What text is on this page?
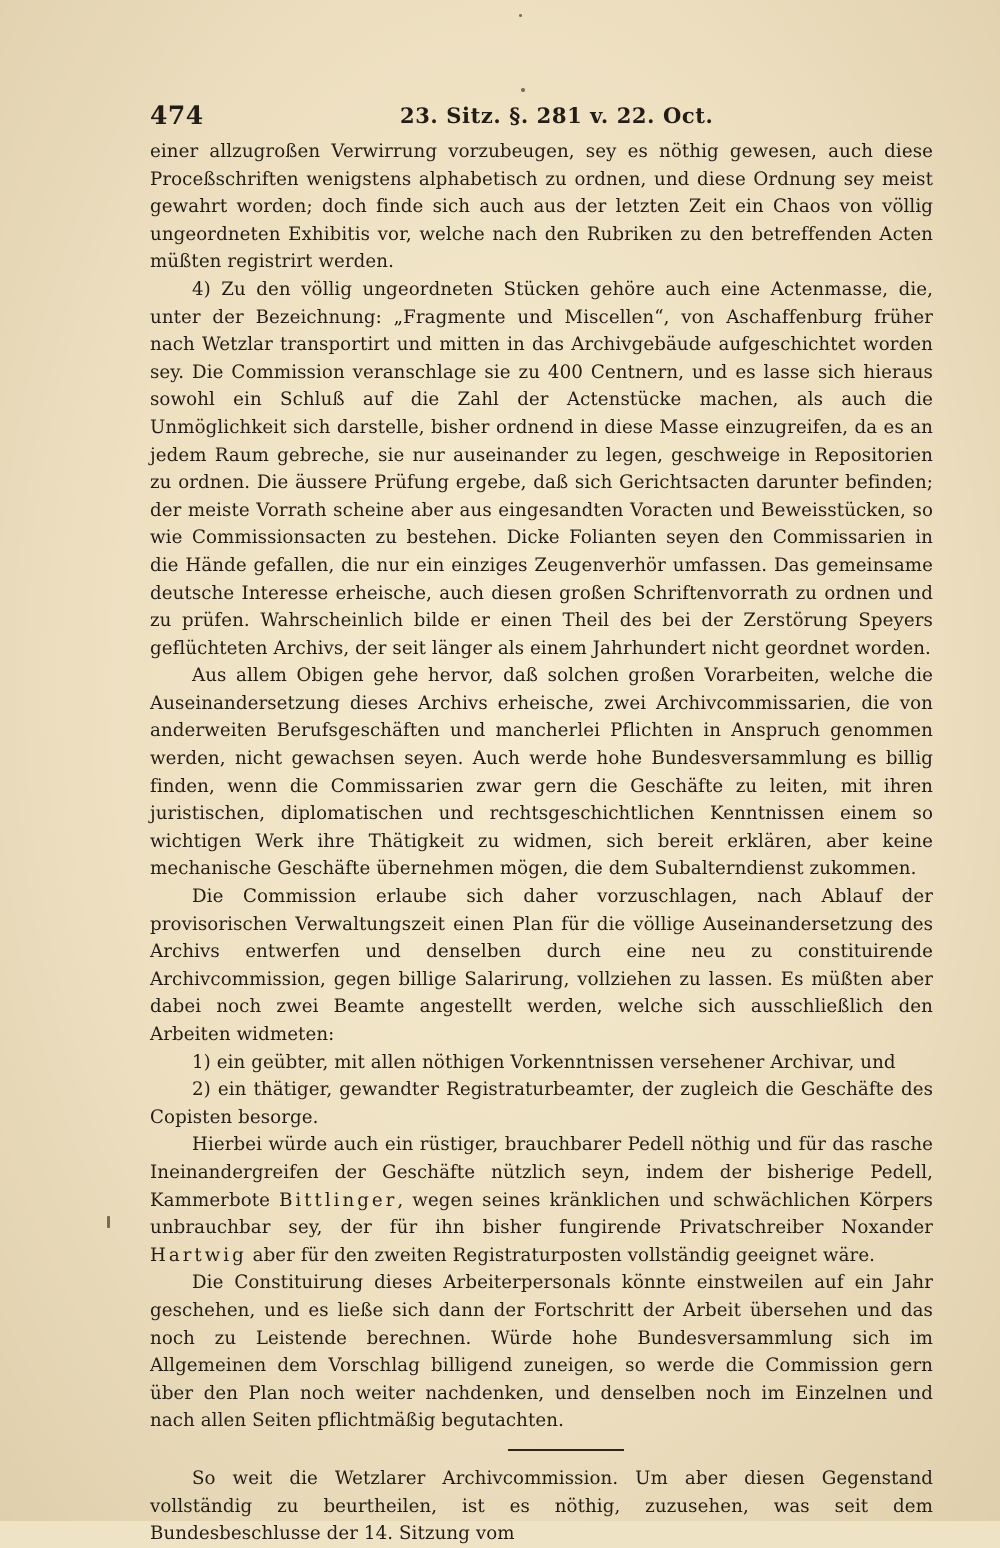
474	23. Sitz. §. 281 v. 22. Oct.

einer allzugroßen Verwirrung vorzubeugen, sey es nöthig gewesen, auch diese Proceßschriften wenigstens alphabetisch zu ordnen, und diese Ordnung sey meist gewahrt worden; doch finde sich auch aus der letzten Zeit ein Chaos von völlig ungeordneten Exhibitis vor, welche nach den Rubriken zu den betreffenden Acten müßten registrirt werden.

4) Zu den völlig ungeordneten Stücken gehöre auch eine Actenmasse, die, unter der Bezeichnung: „Fragmente und Miscellen“, von Aschaffenburg früher nach Wetzlar transportirt und mitten in das Archivgebäude aufgeschichtet worden sey. Die Commission veranschlage sie zu 400 Centnern, und es lasse sich hieraus sowohl ein Schluß auf die Zahl der Actenstücke machen, als auch die Unmöglichkeit sich darstelle, bisher ordnend in diese Masse einzugreifen, da es an jedem Raum gebreche, sie nur auseinander zu legen, geschweige in Repositorien zu ordnen. Die äussere Prüfung ergebe, daß sich Gerichtsacten darunter befinden; der meiste Vorrath scheine aber aus eingesandten Voracten und Beweisstücken, so wie Commissionsacten zu bestehen. Dicke Folianten seyen den Commissarien in die Hände gefallen, die nur ein einziges Zeugenverhör umfassen. Das gemeinsame deutsche Interesse erheische, auch diesen großen Schriftenvorrath zu ordnen und zu prüfen. Wahrscheinlich bilde er einen Theil des bei der Zerstörung Speyers geflüchteten Archivs, der seit länger als einem Jahrhundert nicht geordnet worden.

Aus allem Obigen gehe hervor, daß solchen großen Vorarbeiten, welche die Auseinandersetzung dieses Archivs erheische, zwei Archivcommissarien, die von anderweiten Berufsgeschäften und mancherlei Pflichten in Anspruch genommen werden, nicht gewachsen seyen. Auch werde hohe Bundesversammlung es billig finden, wenn die Commissarien zwar gern die Geschäfte zu leiten, mit ihren juristischen, diplomatischen und rechtsgeschichtlichen Kenntnissen einem so wichtigen Werk ihre Thätigkeit zu widmen, sich bereit erklären, aber keine mechanische Geschäfte übernehmen mögen, die dem Subalterndienst zukommen.

Die Commission erlaube sich daher vorzuschlagen, nach Ablauf der provisorischen Verwaltungszeit einen Plan für die völlige Auseinandersetzung des Archivs entwerfen und denselben durch eine neu zu constituirende Archivcommission, gegen billige Salarirung, vollziehen zu lassen. Es müßten aber dabei noch zwei Beamte angestellt werden, welche sich ausschließlich den Arbeiten widmeten:

1) ein geübter, mit allen nöthigen Vorkenntnissen versehener Archivar, und

2) ein thätiger, gewandter Registraturbeamter, der zugleich die Geschäfte des Copisten besorge.

Hierbei würde auch ein rüstiger, brauchbarer Pedell nöthig und für das rasche Ineinandergreifen der Geschäfte nützlich seyn, indem der bisherige Pedell, Kammerbote Bittlinger, wegen seines kränklichen und schwächlichen Körpers unbrauchbar sey, der für ihn bisher fungirende Privatschreiber Noxander Hartwig aber für den zweiten Registraturposten vollständig geeignet wäre.

Die Constituirung dieses Arbeiterpersonals könnte einstweilen auf ein Jahr geschehen, und es ließe sich dann der Fortschritt der Arbeit übersehen und das noch zu Leistende berechnen. Würde hohe Bundesversammlung sich im Allgemeinen dem Vorschlag billigend zuneigen, so werde die Commission gern über den Plan noch weiter nachdenken, und denselben noch im Einzelnen und nach allen Seiten pflichtmäßig begutachten.

So weit die Wetzlarer Archivcommission. Um aber diesen Gegenstand vollständig zu beurtheilen, ist es nöthig, zuzusehen, was seit dem Bundesbeschlusse der 14. Sitzung vom
